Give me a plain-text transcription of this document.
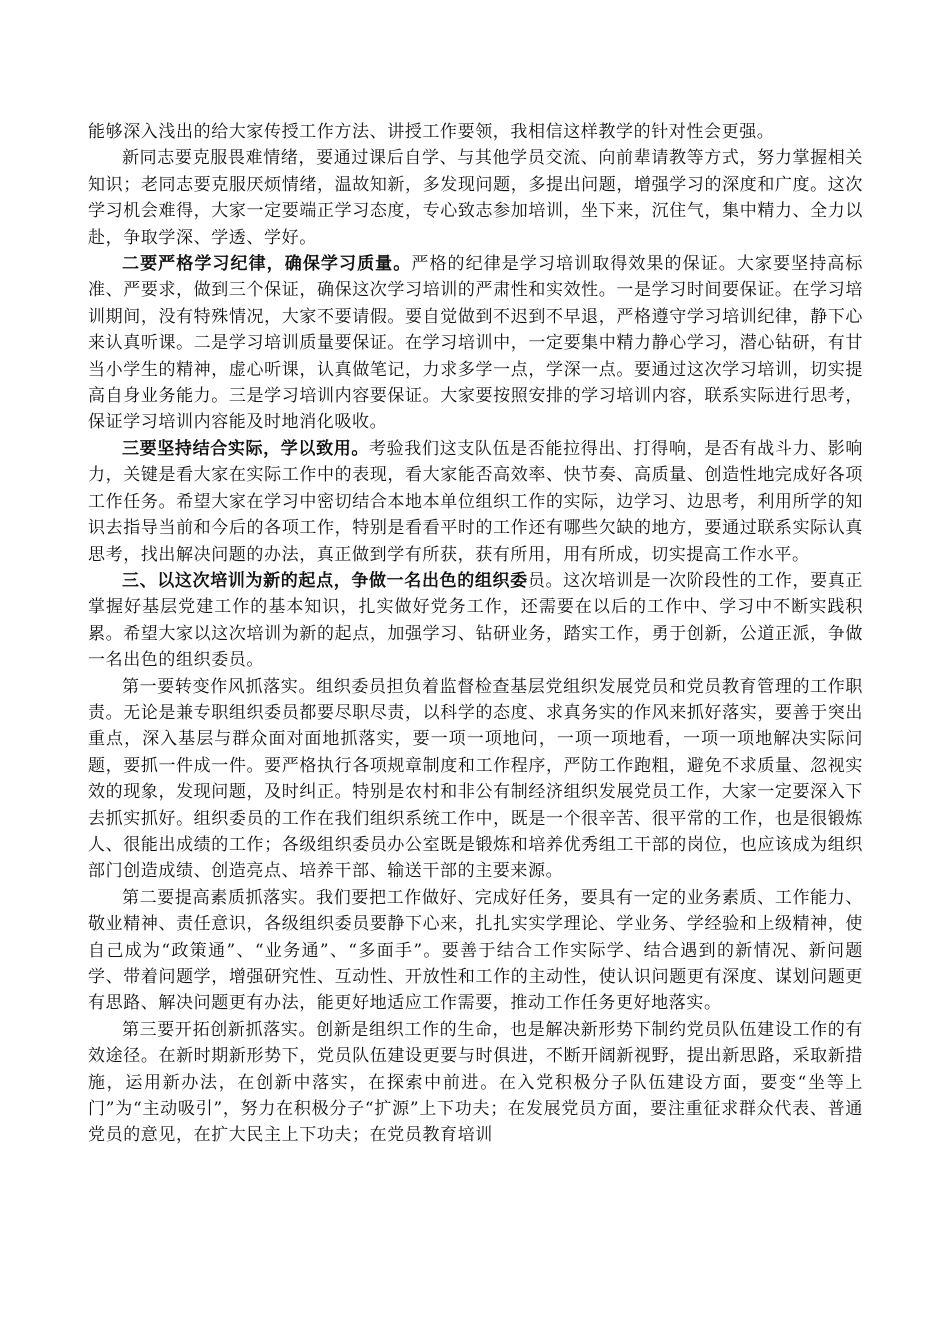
能够深入浅出的给大家传授工作方法、讲授工作要领，我相信这样教学的针对性会更强。

新同志要克服畏难情绪，要通过课后自学、与其他学员交流、向前辈请教等方式，努力掌握相关知识；老同志要克服厌烦情绪，温故知新，多发现问题，多提出问题，增强学习的深度和广度。这次学习机会难得，大家一定要端正学习态度，专心致志参加培训，坐下来，沉住气，集中精力、全力以赴，争取学深、学透、学好。

二要严格学习纪律，确保学习质量。严格的纪律是学习培训取得效果的保证。大家要坚持高标准、严要求，做到三个保证，确保这次学习培训的严肃性和实效性。一是学习时间要保证。在学习培训期间，没有特殊情况，大家不要请假。要自觉做到不迟到不早退，严格遵守学习培训纪律，静下心来认真听课。二是学习培训质量要保证。在学习培训中，一定要集中精力静心学习，潜心钻研，有甘当小学生的精神，虚心听课，认真做笔记，力求多学一点，学深一点。要通过这次学习培训，切实提高自身业务能力。三是学习培训内容要保证。大家要按照安排的学习培训内容，联系实际进行思考，保证学习培训内容能及时地消化吸收。

三要坚持结合实际，学以致用。考验我们这支队伍是否能拉得出、打得响，是否有战斗力、影响力，关键是看大家在实际工作中的表现，看大家能否高效率、快节奏、高质量、创造性地完成好各项工作任务。希望大家在学习中密切结合本地本单位组织工作的实际，边学习、边思考，利用所学的知识去指导当前和今后的各项工作，特别是看看平时的工作还有哪些欠缺的地方，要通过联系实际认真思考，找出解决问题的办法，真正做到学有所获，获有所用，用有所成，切实提高工作水平。

三、以这次培训为新的起点，争做一名出色的组织委员。这次培训是一次阶段性的工作，要真正掌握好基层党建工作的基本知识，扎实做好党务工作，还需要在以后的工作中、学习中不断实践积累。希望大家以这次培训为新的起点，加强学习、钻研业务，踏实工作，勇于创新，公道正派，争做一名出色的组织委员。

第一要转变作风抓落实。组织委员担负着监督检查基层党组织发展党员和党员教育管理的工作职责。无论是兼专职组织委员都要尽职尽责，以科学的态度、求真务实的作风来抓好落实，要善于突出重点，深入基层与群众面对面地抓落实，要一项一项地问，一项一项地看，一项一项地解决实际问题，要抓一件成一件。要严格执行各项规章制度和工作程序，严防工作跑粗，避免不求质量、忽视实效的现象，发现问题，及时纠正。特别是农村和非公有制经济组织发展党员工作，大家一定要深入下去抓实抓好。组织委员的工作在我们组织系统工作中，既是一个很辛苦、很平常的工作，也是很锻炼人、很能出成绩的工作；各级组织委员办公室既是锻炼和培养优秀组工干部的岗位，也应该成为组织部门创造成绩、创造亮点、培养干部、输送干部的主要来源。

第二要提高素质抓落实。我们要把工作做好、完成好任务，要具有一定的业务素质、工作能力、敬业精神、责任意识，各级组织委员要静下心来，扎扎实实学理论、学业务、学经验和上级精神，使自己成为“政策通”、“业务通”、“多面手”。要善于结合工作实际学、结合遇到的新情况、新问题学、带着问题学，增强研究性、互动性、开放性和工作的主动性，使认识问题更有深度、谋划问题更有思路、解决问题更有办法，能更好地适应工作需要，推动工作任务更好地落实。

第三要开拓创新抓落实。创新是组织工作的生命，也是解决新形势下制约党员队伍建设工作的有效途径。在新时期新形势下，党员队伍建设更要与时俱进，不断开阔新视野，提出新思路，采取新措施，运用新办法，在创新中落实，在探索中前进。在入党积极分子队伍建设方面，要变“坐等上门”为“主动吸引”，努力在积极分子“扩源”上下功夫；在发展党员方面，要注重征求群众代表、普通党员的意见，在扩大民主上下功夫；在党员教育培训
